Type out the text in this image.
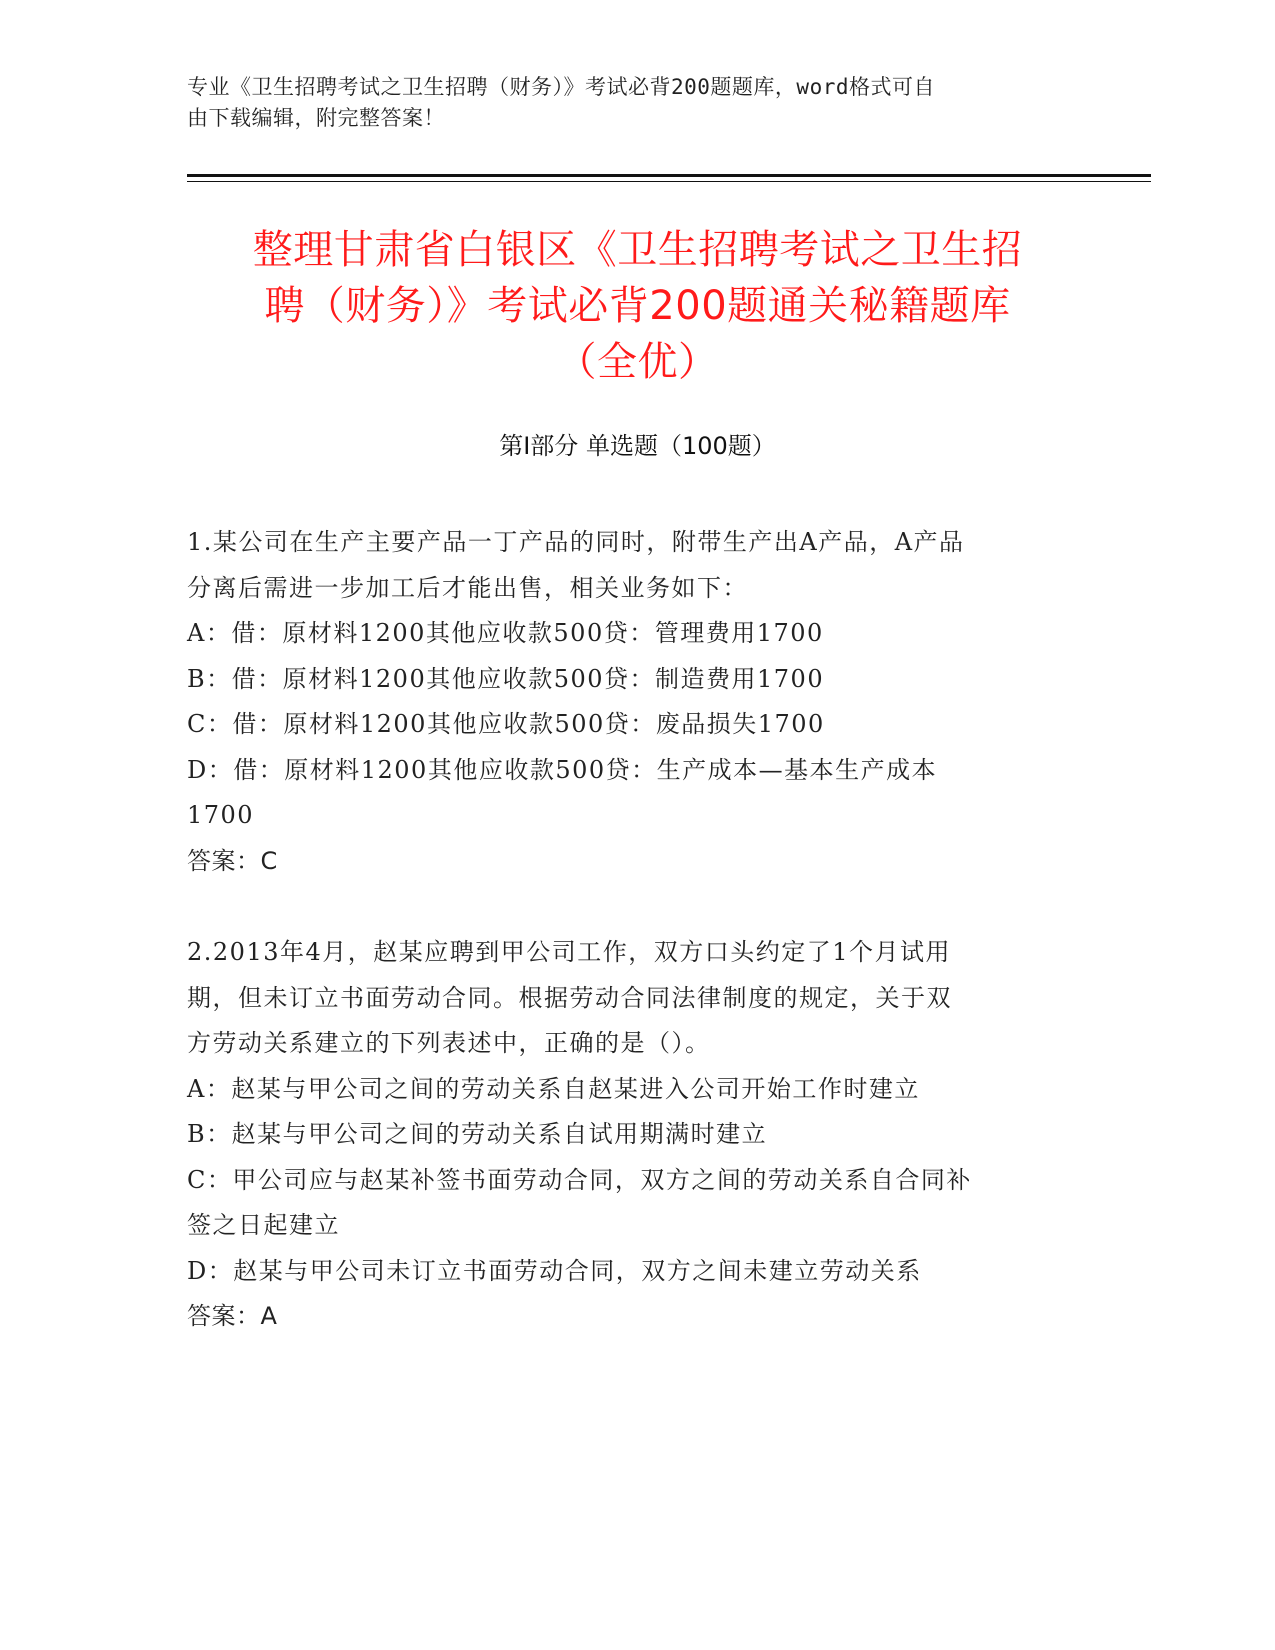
专业《卫生招聘考试之卫生招聘（财务）》考试必背200题题库，word格式可自
由下载编辑，附完整答案！
整理甘肃省白银区《卫生招聘考试之卫生招
聘（财务）》考试必背200题通关秘籍题库
（全优）
第Ⅰ部分 单选题（100题）
1.某公司在生产主要产品一丁产品的同时，附带生产出A产品，A产品
分离后需进一步加工后才能出售，相关业务如下：
A：借：原材料1200其他应收款500贷：管理费用1700
B：借：原材料1200其他应收款500贷：制造费用1700
C：借：原材料1200其他应收款500贷：废品损失1700
D：借：原材料1200其他应收款500贷：生产成本—基本生产成本
1700
答案：C
2.2013年4月，赵某应聘到甲公司工作，双方口头约定了1个月试用
期，但未订立书面劳动合同。根据劳动合同法律制度的规定，关于双
方劳动关系建立的下列表述中，正确的是（）。
A：赵某与甲公司之间的劳动关系自赵某进入公司开始工作时建立
B：赵某与甲公司之间的劳动关系自试用期满时建立
C：甲公司应与赵某补签书面劳动合同，双方之间的劳动关系自合同补
签之日起建立
D：赵某与甲公司未订立书面劳动合同，双方之间未建立劳动关系
答案：A
